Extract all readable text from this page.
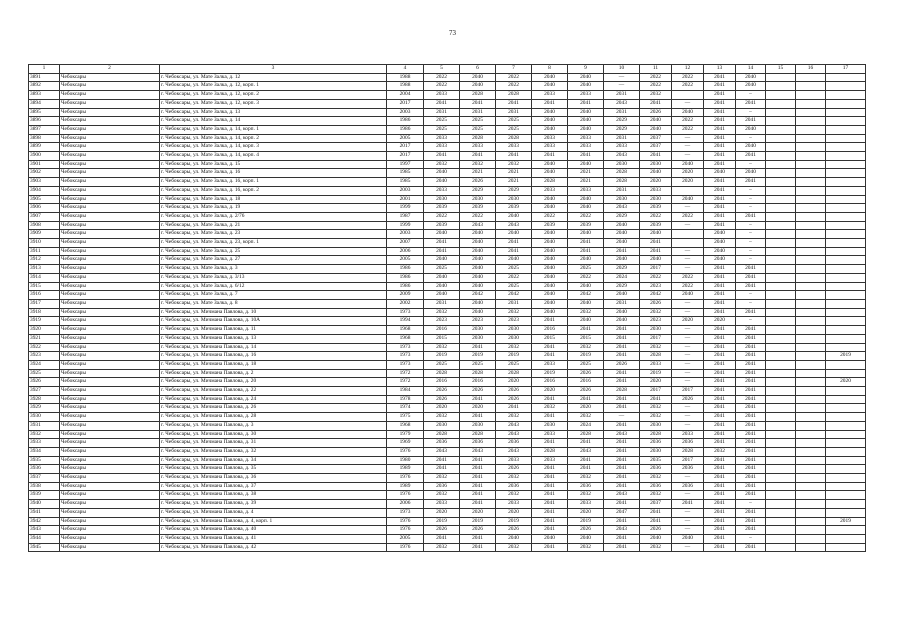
73
1	2	3	4	5	6	7	8	9	10	11	12	13	14	15	16	17
3891	Чебоксары	г. Чебоксары, ул. Мате Залка, д. 12	1988	2022	2040	2022	2040	2040	—	2022	2022	2041	2040			
3892	Чебоксары	г. Чебоксары, ул. Мате Залка, д. 12, корп. 1	1988	2022	2040	2022	2040	2040	—	2022	2022	2041	2040			
3893	Чебоксары	г. Чебоксары, ул. Мате Залка, д. 12, корп. 2	2004	2033	2028	2028	2033	2033	2031	2032		2041	–			
3894	Чебоксары	г. Чебоксары, ул. Мате Залка, д. 12, корп. 3	2017	2041	2041	2041	2041	2041	2043	2041	—	2041	2041			
3895	Чебоксары	г. Чебоксары, ул. Мате Залка, д. 13	2003	2031	2031	2031	2040	2040	2031	2026	2040	2041	–			
3896	Чебоксары	г. Чебоксары, ул. Мате Залка, д. 14	1986	2025	2025	2025	2040	2040	2029	2040	2022	2041	2041			
3897	Чебоксары	г. Чебоксары, ул. Мате Залка, д. 14, корп. 1	1986	2025	2025	2025	2040	2040	2029	2040	2022	2041	2040			
3898	Чебоксары	г. Чебоксары, ул. Мате Залка, д. 14, корп. 2	2005	2033	2028	2028	2033	2033	2031	2037	—	2041	–			
3899	Чебоксары	г. Чебоксары, ул. Мате Залка, д. 14, корп. 3	2017	2033	2033	2033	2033	2033	2033	2037	—	2041	2040			
3900	Чебоксары	г. Чебоксары, ул. Мате Залка, д. 14, корп. 4	2017	2041	2041	2041	2041	2041	2043	2041	—	2041	2041			
3901	Чебоксары	г. Чебоксары, ул. Мате Залка, д. 15	1997	2032	2032	2032	2040	2040	2030	2030	2040	2041	–			
3902	Чебоксары	г. Чебоксары, ул. Мате Залка, д. 16	1985	2040	2021	2021	2040	2021	2028	2040	2020	2040	2040			
3903	Чебоксары	г. Чебоксары, ул. Мате Залка, д. 16, корп. 1	1985	2040	2026	2021	2028	2021	2028	2020	2020	2041	2041			
3904	Чебоксары	г. Чебоксары, ул. Мате Залка, д. 16, корп. 2	2003	2033	2029	2029	2033	2033	2031	2033		2041	–			
3905	Чебоксары	г. Чебоксары, ул. Мате Залка, д. 18	2001	2030	2030	2030	2040	2040	2030	2030	2040	2041	–			
3906	Чебоксары	г. Чебоксары, ул. Мате Залка, д. 19	1999	2039	2039	2039	2040	2040	2043	2039	—	2041	–			
3907	Чебоксары	г. Чебоксары, ул. Мате Залка, д. 2/76	1987	2022	2022	2040	2022	2022	2029	2022	2022	2041	2041			
3908	Чебоксары	г. Чебоксары, ул. Мате Залка, д. 21	1999	2039	2043	2043	2039	2039	2040	2039	—	2041	–			
3909	Чебоксары	г. Чебоксары, ул. Мате Залка, д. 23	2003	2040	2040	2040	2040	2040	2040	2040		2040	–			
3910	Чебоксары	г. Чебоксары, ул. Мате Залка, д. 23, корп. 1	2007	2041	2040	2041	2040	2041	2040	2041		2040	–			
3911	Чебоксары	г. Чебоксары, ул. Мате Залка, д. 25	2006	2041	2040	2041	2040	2041	2041	2041	—	2040	–			
3912	Чебоксары	г. Чебоксары, ул. Мате Залка, д. 27	2005	2040	2040	2040	2040	2040	2040	2040	—	2040	–			
3913	Чебоксары	г. Чебоксары, ул. Мате Залка, д. 3	1986	2025	2040	2025	2040	2025	2029	2017	—	2041	2041			
3914	Чебоксары	г. Чебоксары, ул. Мате Залка, д. 3/13	1986	2040	2040	2022	2040	2022	2024	2022	2022	2041	2041			
3915	Чебоксары	г. Чебоксары, ул. Мате Залка, д. 6/12	1986	2040	2040	2025	2040	2040	2029	2023	2022	2041	2041			
3916	Чебоксары	г. Чебоксары, ул. Мате Залка, д. 7	2009	2040	2042	2042	2040	2042	2040	2042	2040	2041	–			
3917	Чебоксары	г. Чебоксары, ул. Мате Залка, д. 8	2002	2031	2040	2031	2040	2040	2031	2026	—	2041	–			
3918	Чебоксары	г. Чебоксары, ул. Мичмана Павлова, д. 10	1973	2032	2040	2032	2040	2032	2040	2032	—	2041	2041			
3919	Чебоксары	г. Чебоксары, ул. Мичмана Павлова, д. 10А	1994	2023	2023	2023	2041	2040	2040	2023	2020	2020	–			
3920	Чебоксары	г. Чебоксары, ул. Мичмана Павлова, д. 11	1968	2016	2030	2030	2016	2041	2041	2030	—	2041	2041			
3921	Чебоксары	г. Чебоксары, ул. Мичмана Павлова, д. 13	1968	2015	2030	2030	2015	2015	2041	2017	—	2041	2041			
3922	Чебоксары	г. Чебоксары, ул. Мичмана Павлова, д. 14	1973	2032	2041	2032	2041	2032	2041	2032	—	2041	2041			
3923	Чебоксары	г. Чебоксары, ул. Мичмана Павлова, д. 16	1973	2019	2019	2019	2041	2019	2041	2028	—	2041	2041			2019
3924	Чебоксары	г. Чебоксары, ул. Мичмана Павлова, д. 18	1973	2025	2025	2025	2033	2025	2026	2033	—	2041	2041			
3925	Чебоксары	г. Чебоксары, ул. Мичмана Павлова, д. 2	1972	2028	2028	2028	2019	2026	2041	2019	—	2041	2041			
3926	Чебоксары	г. Чебоксары, ул. Мичмана Павлова, д. 20	1972	2016	2016	2020	2016	2016	2041	2020	—	2041	2041			2020
3927	Чебоксары	г. Чебоксары, ул. Мичмана Павлова, д. 22	1984	2026	2026	2026	2020	2026	2028	2017	2017	2041	2041			
3928	Чебоксары	г. Чебоксары, ул. Мичмана Павлова, д. 24	1978	2026	2041	2026	2041	2041	2041	2041	2026	2041	2041			
3929	Чебоксары	г. Чебоксары, ул. Мичмана Павлова, д. 26	1974	2020	2020	2041	2032	2020	2041	2032	—	2041	2041			
3930	Чебоксары	г. Чебоксары, ул. Мичмана Павлова, д. 28	1975	2032	2041	2032	2041	2032	—	2032	—	2041	2041			
3931	Чебоксары	г. Чебоксары, ул. Мичмана Павлова, д. 3	1968	2030	2030	2043	2030	2024	2041	2030	—	2041	2041			
3932	Чебоксары	г. Чебоксары, ул. Мичмана Павлова, д. 30	1979	2028	2028	2043	2033	2028	2043	2028	2033	2041	2041			
3933	Чебоксары	г. Чебоксары, ул. Мичмана Павлова, д. 31	1969	2036	2036	2036	2041	2041	2041	2036	2036	2041	2041			
3934	Чебоксары	г. Чебоксары, ул. Мичмана Павлова, д. 32	1976	2043	2043	2043	2028	2043	2041	2030	2028	2032	2041			
3935	Чебоксары	г. Чебоксары, ул. Мичмана Павлова, д. 34	1980	2041	2041	2033	2033	2041	2041	2035	2017	2041	2041			
3936	Чебоксары	г. Чебоксары, ул. Мичмана Павлова, д. 35	1989	2041	2041	2026	2041	2041	2041	2036	2036	2041	2041			
3937	Чебоксары	г. Чебоксары, ул. Мичмана Павлова, д. 36	1976	2032	2041	2032	2041	2032	2041	2032	—	2041	2041			
3938	Чебоксары	г. Чебоксары, ул. Мичмана Павлова, д. 37	1989	2036	2041	2036	2041	2036	2041	2036	2036	2041	2041			
3939	Чебоксары	г. Чебоксары, ул. Мичмана Павлова, д. 38	1976	2032	2041	2032	2041	2032	2043	2032	—	2041	2041			
3940	Чебоксары	г. Чебоксары, ул. Мичмана Павлова, д. 39	2006	2033	2041	2033	2041	2033	2041	2037	2041	2041	–			
3941	Чебоксары	г. Чебоксары, ул. Мичмана Павлова, д. 4	1973	2020	2020	2020	2041	2020	2047	2041	—	2041	2041			
3942	Чебоксары	г. Чебоксары, ул. Мичмана Павлова, д. 4, корп. 1	1976	2019	2019	2019	2041	2019	2041	2041	—	2041	2041			2019
3943	Чебоксары	г. Чебоксары, ул. Мичмана Павлова, д. 40	1976	2026	2026	2026	2041	2026	2043	2026	—	2041	2041			
3944	Чебоксары	г. Чебоксары, ул. Мичмана Павлова, д. 41	2005	2041	2041	2040	2040	2040	2041	2040	2040	2041	–			
3945	Чебоксары	г. Чебоксары, ул. Мичмана Павлова, д. 42	1976	2032	2041	2032	2041	2032	2041	2032	—	2041	2041			
